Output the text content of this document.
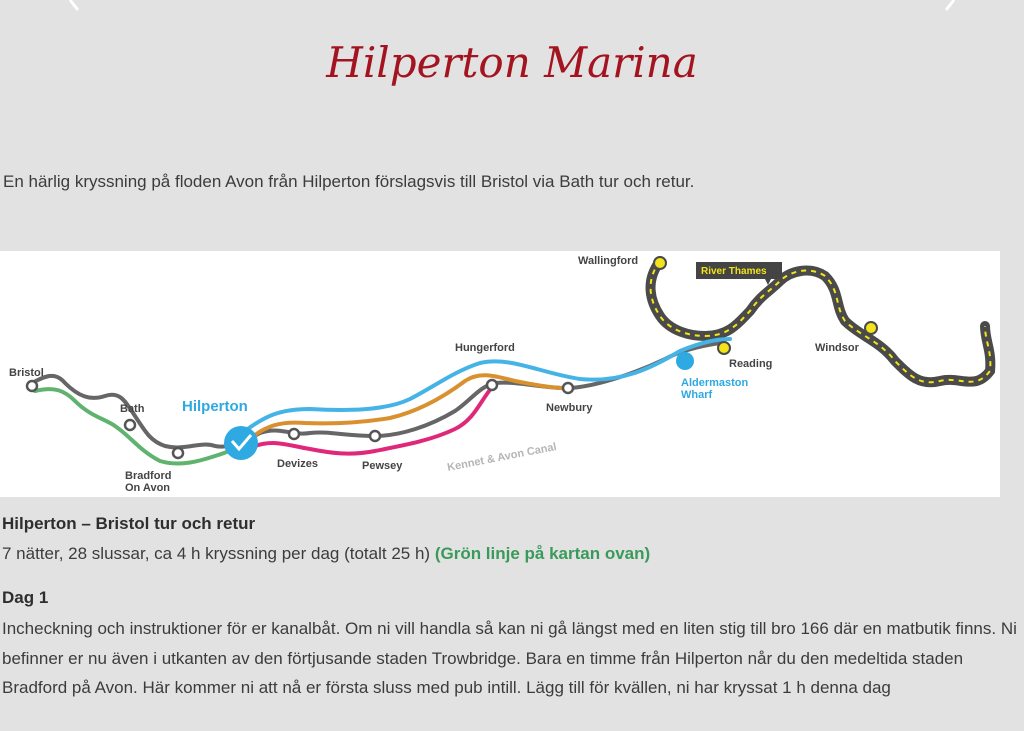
Hilperton Marina
En härlig kryssning på floden Avon från Hilperton förslagsvis till Bristol via Bath tur och retur.
Bristol
Bath
Bradford
On Avon
Hilperton
Devizes	Pewsey	Kennet & Avon Canal
Hungerford
Newbury
Aldermaston
Wharf
Reading
Wallingford
River Thames
Windsor
Hilperton – Bristol tur och retur
7 nätter, 28 slussar, ca 4 h kryssning per dag (totalt 25 h) (Grön linje på kartan ovan)
Dag 1
Incheckning och instruktioner för er kanalbåt. Om ni vill handla så kan ni gå längst med en liten stig till bro 166 där en matbutik finns. Ni befinner er nu även i utkanten av den förtjusande staden Trowbridge. Bara en timme från Hilperton når du den medeltida staden Bradford på Avon. Här kommer ni att nå er första sluss med pub intill. Lägg till för kvällen, ni har kryssat 1 h denna dag
